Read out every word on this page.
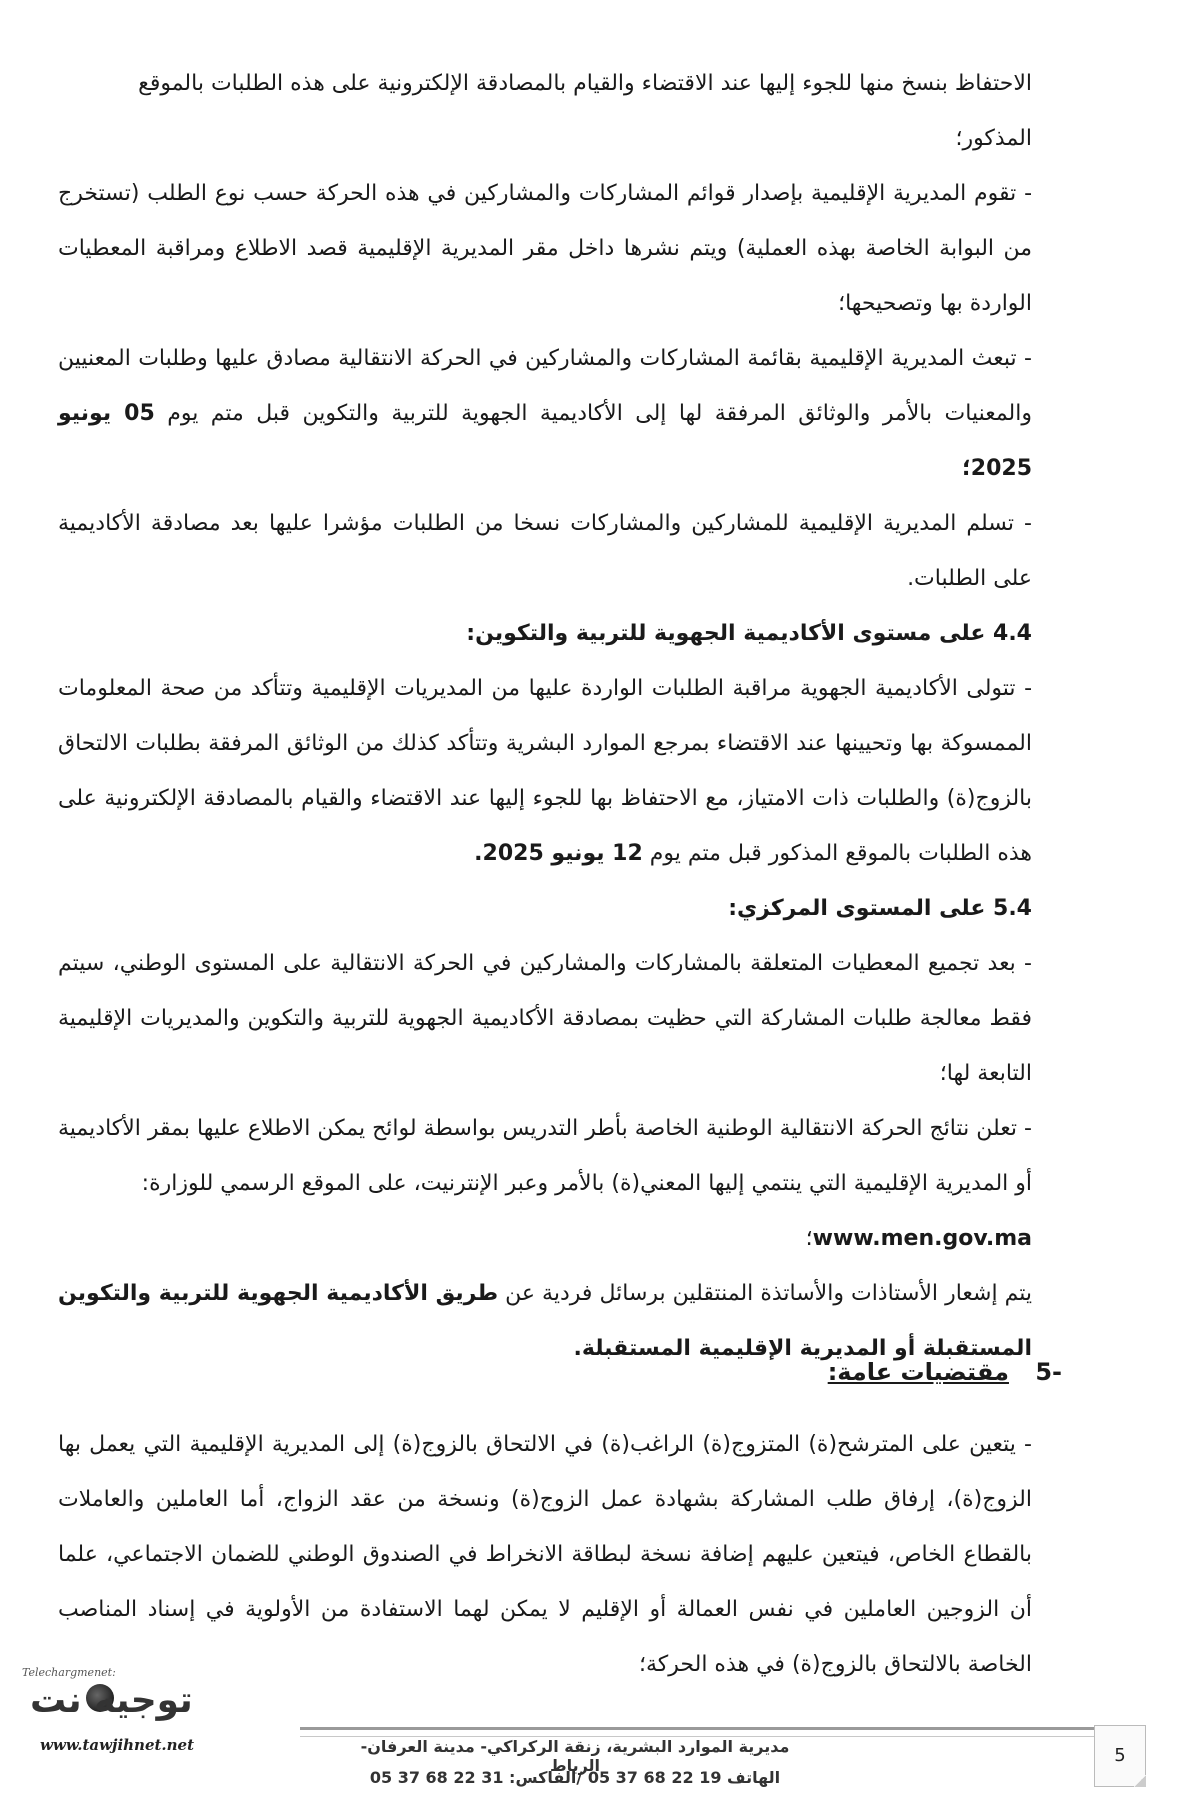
الاحتفاظ بنسخ منها للجوء إليها عند الاقتضاء والقيام بالمصادقة الإلكترونية على هذه الطلبات بالموقع
المذكور؛

- تقوم المديرية الإقليمية بإصدار قوائم المشاركات والمشاركين في هذه الحركة حسب نوع الطلب (تستخرج من البوابة الخاصة بهذه العملية) ويتم نشرها داخل مقر المديرية الإقليمية قصد الاطلاع ومراقبة المعطيات الواردة بها وتصحيحها؛

- تبعث المديرية الإقليمية بقائمة المشاركات والمشاركين في الحركة الانتقالية مصادق عليها وطلبات المعنيين والمعنيات بالأمر والوثائق المرفقة لها إلى الأكاديمية الجهوية للتربية والتكوين قبل متم يوم 05 يونيو 2025؛

- تسلم المديرية الإقليمية للمشاركين والمشاركات نسخا من الطلبات مؤشرا عليها بعد مصادقة الأكاديمية على الطلبات.

4.4 على مستوى الأكاديمية الجهوية للتربية والتكوين:

- تتولى الأكاديمية الجهوية مراقبة الطلبات الواردة عليها من المديريات الإقليمية وتتأكد من صحة المعلومات الممسوكة بها وتحيينها عند الاقتضاء بمرجع الموارد البشرية وتتأكد كذلك من الوثائق المرفقة بطلبات الالتحاق بالزوج(ة) والطلبات ذات الامتياز، مع الاحتفاظ بها للجوء إليها عند الاقتضاء والقيام بالمصادقة الإلكترونية على هذه الطلبات بالموقع المذكور قبل متم يوم 12 يونيو 2025.

5.4 على المستوى المركزي:

- بعد تجميع المعطيات المتعلقة بالمشاركات والمشاركين في الحركة الانتقالية على المستوى الوطني، سيتم فقط معالجة طلبات المشاركة التي حظيت بمصادقة الأكاديمية الجهوية للتربية والتكوين والمديريات الإقليمية التابعة لها؛

- تعلن نتائج الحركة الانتقالية الوطنية الخاصة بأطر التدريس بواسطة لوائح يمكن الاطلاع عليها بمقر الأكاديمية أو المديرية الإقليمية التي ينتمي إليها المعني(ة) بالأمر وعبر الإنترنيت، على الموقع الرسمي للوزارة:
www.men.gov.ma؛

يتم إشعار الأستاذات والأساتذة المنتقلين برسائل فردية عن طريق الأكاديمية الجهوية للتربية والتكوين المستقبلة أو المديرية الإقليمية المستقبلة.

-5 مقتضيات عامة:

- يتعين على المترشح(ة) المتزوج(ة) الراغب(ة) في الالتحاق بالزوج(ة) إلى المديرية الإقليمية التي يعمل بها الزوج(ة)، إرفاق طلب المشاركة بشهادة عمل الزوج(ة) ونسخة من عقد الزواج، أما العاملين والعاملات بالقطاع الخاص، فيتعين عليهم إضافة نسخة لبطاقة الانخراط في الصندوق الوطني للضمان الاجتماعي، علما أن الزوجين العاملين في نفس العمالة أو الإقليم لا يمكن لهما الاستفادة من الأولوية في إسناد المناصب الخاصة بالالتحاق بالزوج(ة) في هذه الحركة؛

مديرية الموارد البشرية، زنقة الركراكي- مدينة العرفان- الرباط
الهاتف 19 22 68 37 05 /الفاكس: 31 22 68 37 05
5
Telechargmenet:
توجيه نت
www.tawjihnet.net
